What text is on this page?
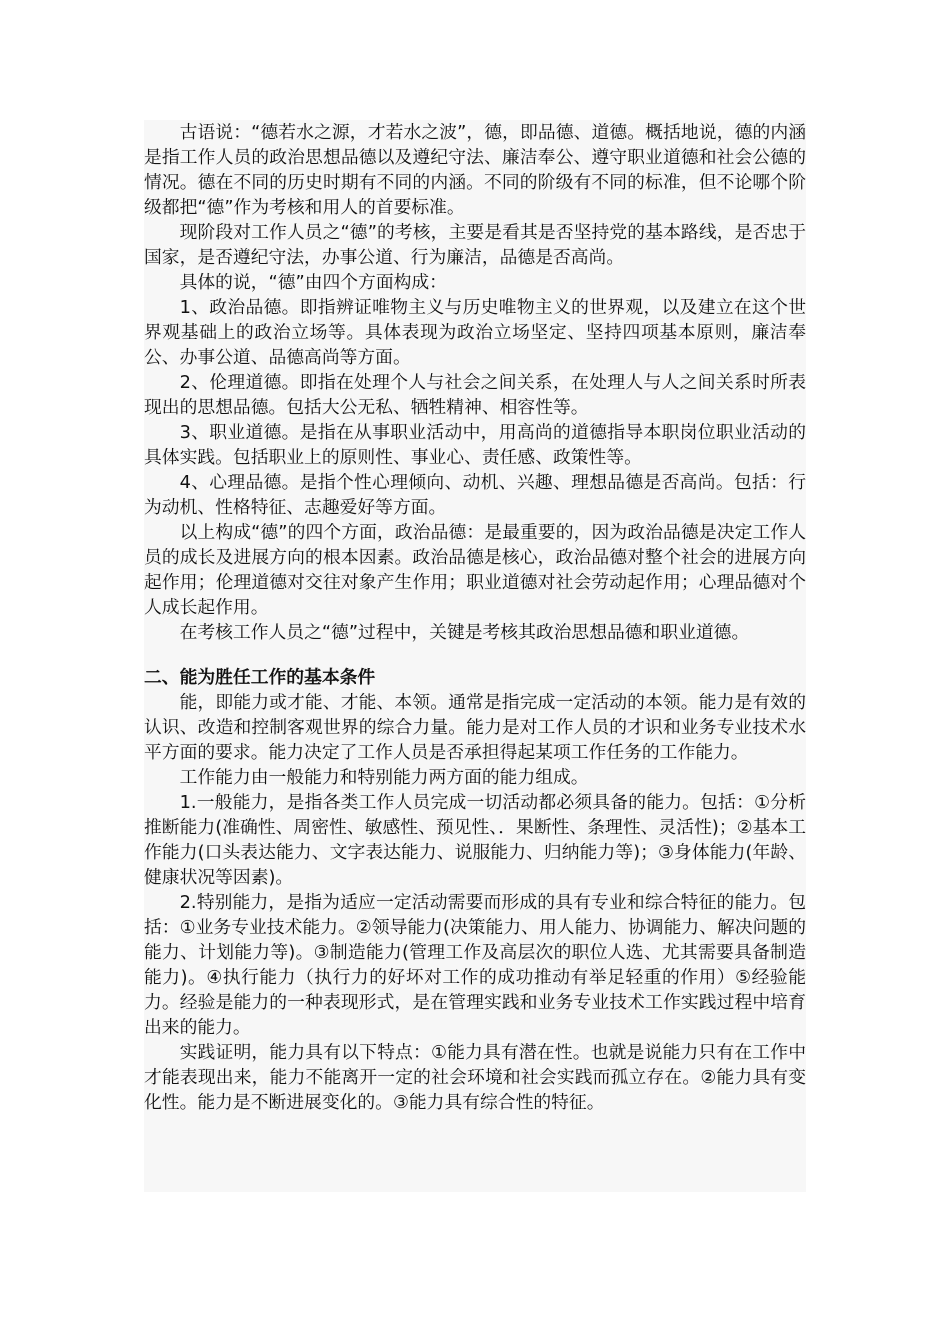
古语说：“德若水之源，才若水之波”，德，即品德、道德。概括地说，德的内涵是指工作人员的政治思想品德以及遵纪守法、廉洁奉公、遵守职业道德和社会公德的情况。德在不同的历史时期有不同的内涵。不同的阶级有不同的标准，但不论哪个阶级都把“德”作为考核和用人的首要标准。

现阶段对工作人员之“德”的考核，主要是看其是否坚持党的基本路线，是否忠于国家，是否遵纪守法，办事公道、行为廉洁，品德是否高尚。

具体的说，“德”由四个方面构成：

1、政治品德。即指辨证唯物主义与历史唯物主义的世界观，以及建立在这个世界观基础上的政治立场等。具体表现为政治立场坚定、坚持四项基本原则，廉洁奉公、办事公道、品德高尚等方面。

2、伦理道德。即指在处理个人与社会之间关系，在处理人与人之间关系时所表现出的思想品德。包括大公无私、牺牲精神、相容性等。

3、职业道德。是指在从事职业活动中，用高尚的道德指导本职岗位职业活动的具体实践。包括职业上的原则性、事业心、责任感、政策性等。

4、心理品德。是指个性心理倾向、动机、兴趣、理想品德是否高尚。包括：行为动机、性格特征、志趣爱好等方面。

以上构成“德”的四个方面，政治品德：是最重要的，因为政治品德是决定工作人员的成长及进展方向的根本因素。政治品德是核心，政治品德对整个社会的进展方向起作用；伦理道德对交往对象产生作用；职业道德对社会劳动起作用；心理品德对个人成长起作用。

在考核工作人员之“德”过程中，关键是考核其政治思想品德和职业道德。

二、能为胜任工作的基本条件

能，即能力或才能、才能、本领。通常是指完成一定活动的本领。能力是有效的认识、改造和控制客观世界的综合力量。能力是对工作人员的才识和业务专业技术水平方面的要求。能力决定了工作人员是否承担得起某项工作任务的工作能力。

工作能力由一般能力和特别能力两方面的能力组成。

1.一般能力，是指各类工作人员完成一切活动都必须具备的能力。包括：①分析推断能力(准确性、周密性、敏感性、预见性、．果断性、条理性、灵活性)；②基本工作能力(口头表达能力、文字表达能力、说服能力、归纳能力等)；③身体能力(年龄、健康状况等因素)。

2.特别能力，是指为适应一定活动需要而形成的具有专业和综合特征的能力。包括：①业务专业技术能力。②领导能力(决策能力、用人能力、协调能力、解决问题的能力、计划能力等)。③制造能力(管理工作及高层次的职位人选、尤其需要具备制造能力)。④执行能力（执行力的好坏对工作的成功推动有举足轻重的作用）⑤经验能力。经验是能力的一种表现形式，是在管理实践和业务专业技术工作实践过程中培育出来的能力。

实践证明，能力具有以下特点：①能力具有潜在性。也就是说能力只有在工作中才能表现出来，能力不能离开一定的社会环境和社会实践而孤立存在。②能力具有变化性。能力是不断进展变化的。③能力具有综合性的特征。
